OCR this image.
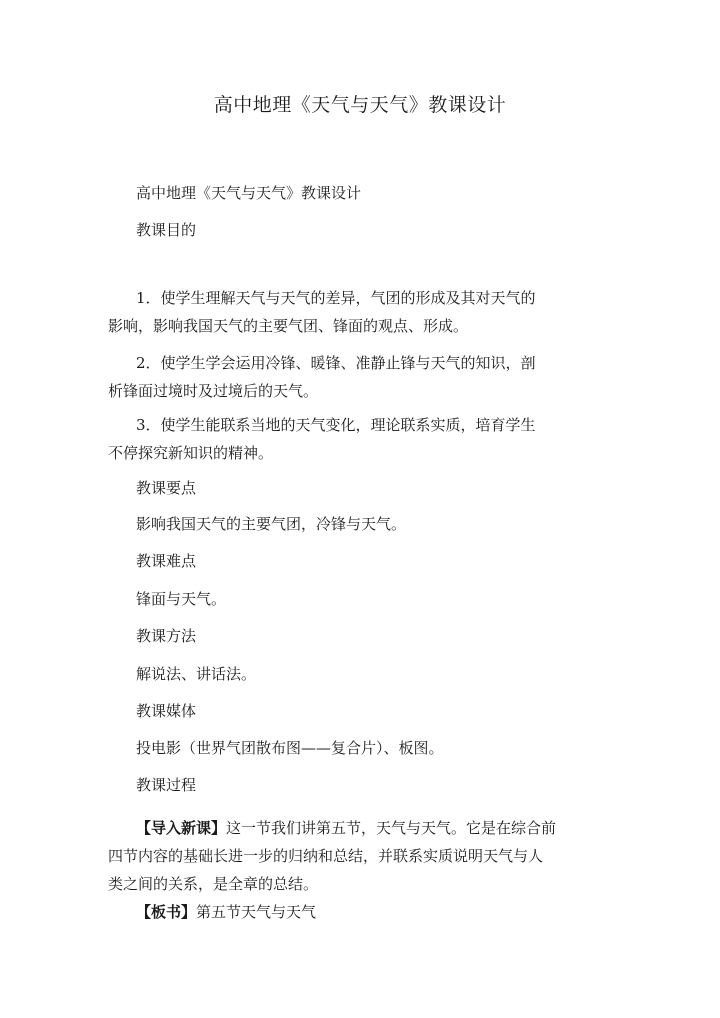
高中地理《天气与天气》教课设计
高中地理《天气与天气》教课设计
教课目的
1．使学生理解天气与天气的差异，气团的形成及其对天气的
影响，影响我国天气的主要气团、锋面的观点、形成。
2．使学生学会运用冷锋、暖锋、准静止锋与天气的知识，剖
析锋面过境时及过境后的天气。
3．使学生能联系当地的天气变化，理论联系实质，培育学生
不停探究新知识的精神。
教课要点
影响我国天气的主要气团，冷锋与天气。
教课难点
锋面与天气。
教课方法
解说法、讲话法。
教课媒体
投电影（世界气团散布图——复合片）、板图。
教课过程
【导入新课】这一节我们讲第五节，天气与天气。它是在综合前
四节内容的基础长进一步的归纳和总结，并联系实质说明天气与人
类之间的关系，是全章的总结。
【板书】第五节天气与天气
